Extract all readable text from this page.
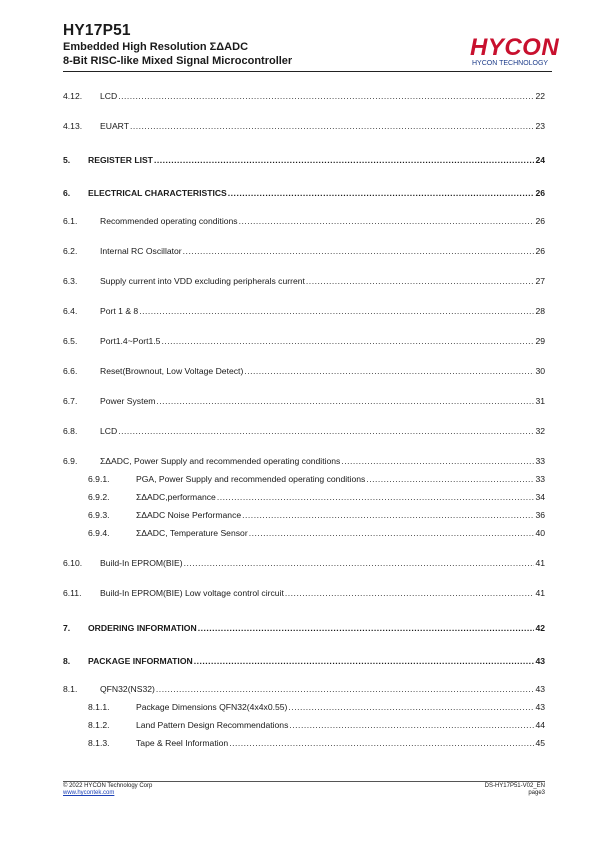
HY17P51
Embedded High Resolution ΣΔADC
8-Bit RISC-like Mixed Signal Microcontroller	HYCON
HYCON TECHNOLOGY
4.12.	LCD .....	22
4.13.	EUART .....	23
5.	REGISTER LIST .....	24
6.	ELECTRICAL CHARACTERISTICS .....	26
6.1.	Recommended operating conditions .....	26
6.2.	Internal RC Oscillator .....	26
6.3.	Supply current into VDD excluding peripherals current .....	27
6.4.	Port 1 & 8 .....	28
6.5.	Port1.4~Port1.5 .....	29
6.6.	Reset(Brownout, Low Voltage Detect) .....	30
6.7.	Power System .....	31
6.8.	LCD .....	32
6.9.	ΣΔADC, Power Supply and recommended operating conditions .....	33
6.9.1.	PGA, Power Supply and recommended operating conditions .....	33
6.9.2.	ΣΔADC,performance .....	34
6.9.3.	ΣΔADC Noise Performance .....	36
6.9.4.	ΣΔADC, Temperature Sensor .....	40
6.10.	Build-In EPROM(BIE) .....	41
6.11.	Build-In EPROM(BIE) Low voltage control circuit .....	41
7.	ORDERING INFORMATION .....	42
8.	PACKAGE INFORMATION .....	43
8.1.	QFN32(NS32) .....	43
8.1.1.	Package Dimensions QFN32(4x4x0.55) .....	43
8.1.2.	Land Pattern Design Recommendations .....	44
8.1.3.	Tape & Reel Information .....	45
© 2022 HYCON Technology Corp
www.hycontek.com
DS-HY17P51-V02_EN
page3
